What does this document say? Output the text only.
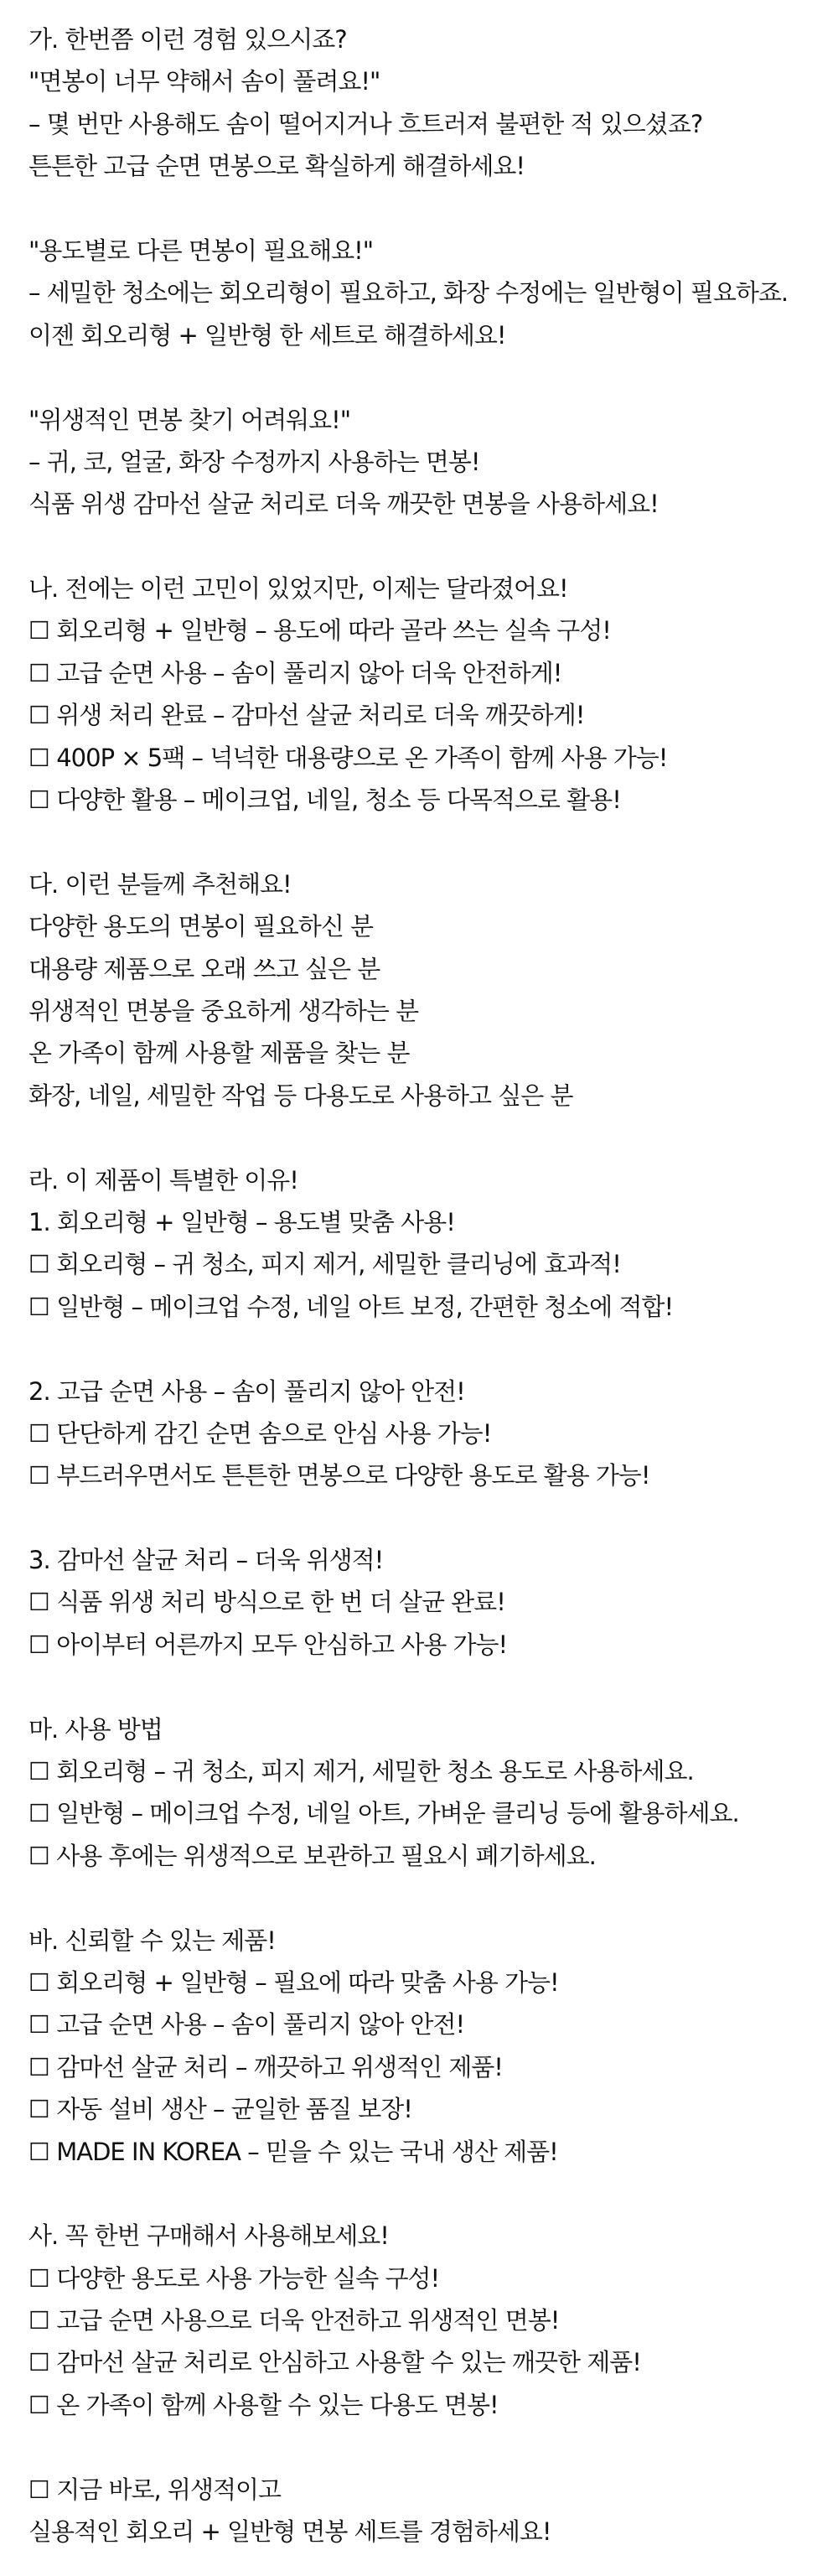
가. 한번쯤 이런 경험 있으시죠?
"면봉이 너무 약해서 솜이 풀려요!"
– 몇 번만 사용해도 솜이 떨어지거나 흐트러져 불편한 적 있으셨죠?
튼튼한 고급 순면 면봉으로 확실하게 해결하세요!
"용도별로 다른 면봉이 필요해요!"
– 세밀한 청소에는 회오리형이 필요하고, 화장 수정에는 일반형이 필요하죠.
이젠 회오리형 + 일반형 한 세트로 해결하세요!
"위생적인 면봉 찾기 어려워요!"
– 귀, 코, 얼굴, 화장 수정까지 사용하는 면봉!
식품 위생 감마선 살균 처리로 더욱 깨끗한 면봉을 사용하세요!
나. 전에는 이런 고민이 있었지만, 이제는 달라졌어요!
☐ 회오리형 + 일반형 – 용도에 따라 골라 쓰는 실속 구성!
☐ 고급 순면 사용 – 솜이 풀리지 않아 더욱 안전하게!
☐ 위생 처리 완료 – 감마선 살균 처리로 더욱 깨끗하게!
☐ 400P × 5팩 – 넉넉한 대용량으로 온 가족이 함께 사용 가능!
☐ 다양한 활용 – 메이크업, 네일, 청소 등 다목적으로 활용!
다. 이런 분들께 추천해요!
다양한 용도의 면봉이 필요하신 분
대용량 제품으로 오래 쓰고 싶은 분
위생적인 면봉을 중요하게 생각하는 분
온 가족이 함께 사용할 제품을 찾는 분
화장, 네일, 세밀한 작업 등 다용도로 사용하고 싶은 분
라. 이 제품이 특별한 이유!
1. 회오리형 + 일반형 – 용도별 맞춤 사용!
☐ 회오리형 – 귀 청소, 피지 제거, 세밀한 클리닝에 효과적!
☐ 일반형 – 메이크업 수정, 네일 아트 보정, 간편한 청소에 적합!
2. 고급 순면 사용 – 솜이 풀리지 않아 안전!
☐ 단단하게 감긴 순면 솜으로 안심 사용 가능!
☐ 부드러우면서도 튼튼한 면봉으로 다양한 용도로 활용 가능!
3. 감마선 살균 처리 – 더욱 위생적!
☐ 식품 위생 처리 방식으로 한 번 더 살균 완료!
☐ 아이부터 어른까지 모두 안심하고 사용 가능!
마. 사용 방법
☐ 회오리형 – 귀 청소, 피지 제거, 세밀한 청소 용도로 사용하세요.
☐ 일반형 – 메이크업 수정, 네일 아트, 가벼운 클리닝 등에 활용하세요.
☐ 사용 후에는 위생적으로 보관하고 필요시 폐기하세요.
바. 신뢰할 수 있는 제품!
☐ 회오리형 + 일반형 – 필요에 따라 맞춤 사용 가능!
☐ 고급 순면 사용 – 솜이 풀리지 않아 안전!
☐ 감마선 살균 처리 – 깨끗하고 위생적인 제품!
☐ 자동 설비 생산 – 균일한 품질 보장!
☐ MADE IN KOREA – 믿을 수 있는 국내 생산 제품!
사. 꼭 한번 구매해서 사용해보세요!
☐ 다양한 용도로 사용 가능한 실속 구성!
☐ 고급 순면 사용으로 더욱 안전하고 위생적인 면봉!
☐ 감마선 살균 처리로 안심하고 사용할 수 있는 깨끗한 제품!
☐ 온 가족이 함께 사용할 수 있는 다용도 면봉!
☐ 지금 바로, 위생적이고
실용적인 회오리 + 일반형 면봉 세트를 경험하세요!
